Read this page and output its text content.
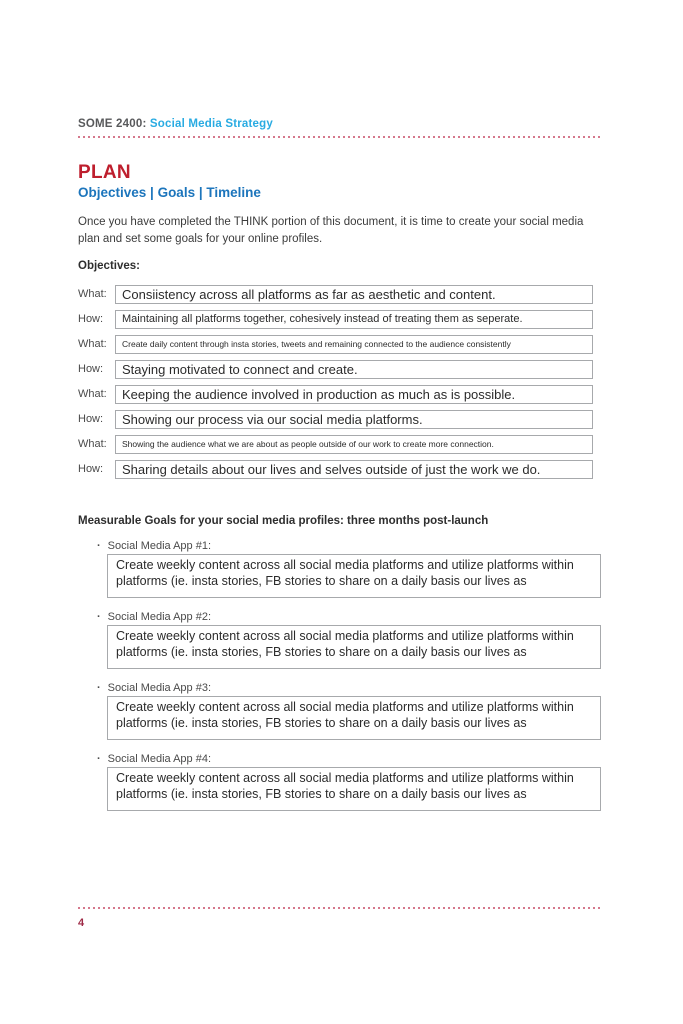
SOME 2400: Social Media Strategy
PLAN
Objectives | Goals | Timeline

Once you have completed the THINK portion of this document, it is time to create your social media plan and set some goals for your online profiles.

Objectives:
What:	Consiistency across all platforms as far as aesthetic and content.
How:	Maintaining all platforms together, cohesively instead of treating them as seperate.
What:	Create daily content through insta stories, tweets and remaining connected to the audience consistently
How:	Staying motivated to connect and create.
What:	Keeping the audience involved in production as much as is possible.
How:	Showing our process via our social media platforms.
What:	Showing the audience what we are about as people outside of our work to create more connection.
How:	Sharing details about our lives and selves outside of just the work we do.
Measurable Goals for your social media profiles: three months post-launch
· Social Media App #1:
Create weekly content across all social media platforms and utilize platforms within platforms (ie. insta stories, FB stories to share on a daily basis our lives as
· Social Media App #2:
Create weekly content across all social media platforms and utilize platforms within platforms (ie. insta stories, FB stories to share on a daily basis our lives as
· Social Media App #3:
Create weekly content across all social media platforms and utilize platforms within platforms (ie. insta stories, FB stories to share on a daily basis our lives as
· Social Media App #4:
Create weekly content across all social media platforms and utilize platforms within platforms (ie. insta stories, FB stories to share on a daily basis our lives as
4
